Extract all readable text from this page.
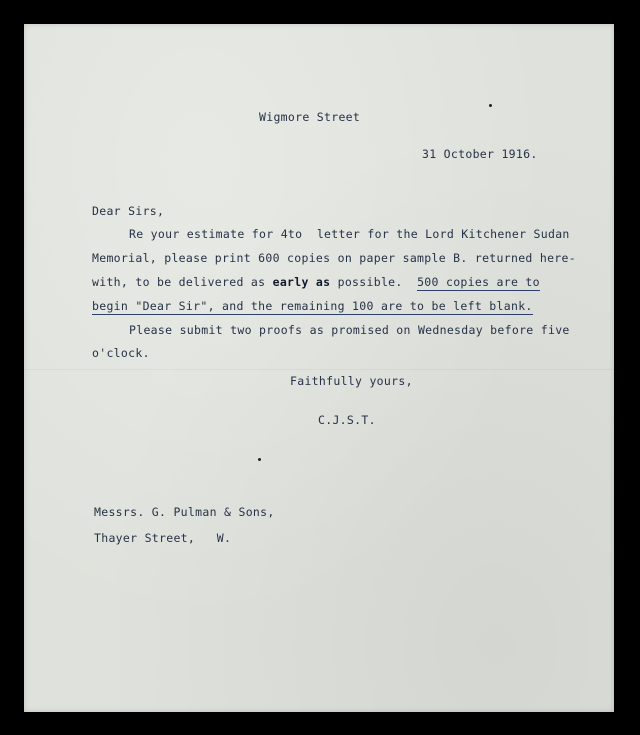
Wigmore Street
31 October 1916.
Dear Sirs,
Re your estimate for 4to  letter for the Lord Kitchener Sudan
Memorial, please print 600 copies on paper sample B. returned here-
with, to be delivered as early as possible.  500 copies are to
begin "Dear Sir", and the remaining 100 are to be left blank.
Please submit two proofs as promised on Wednesday before five
o'clock.
Faithfully yours,
C.J.S.T.
Messrs. G. Pulman & Sons,
Thayer Street,   W.
